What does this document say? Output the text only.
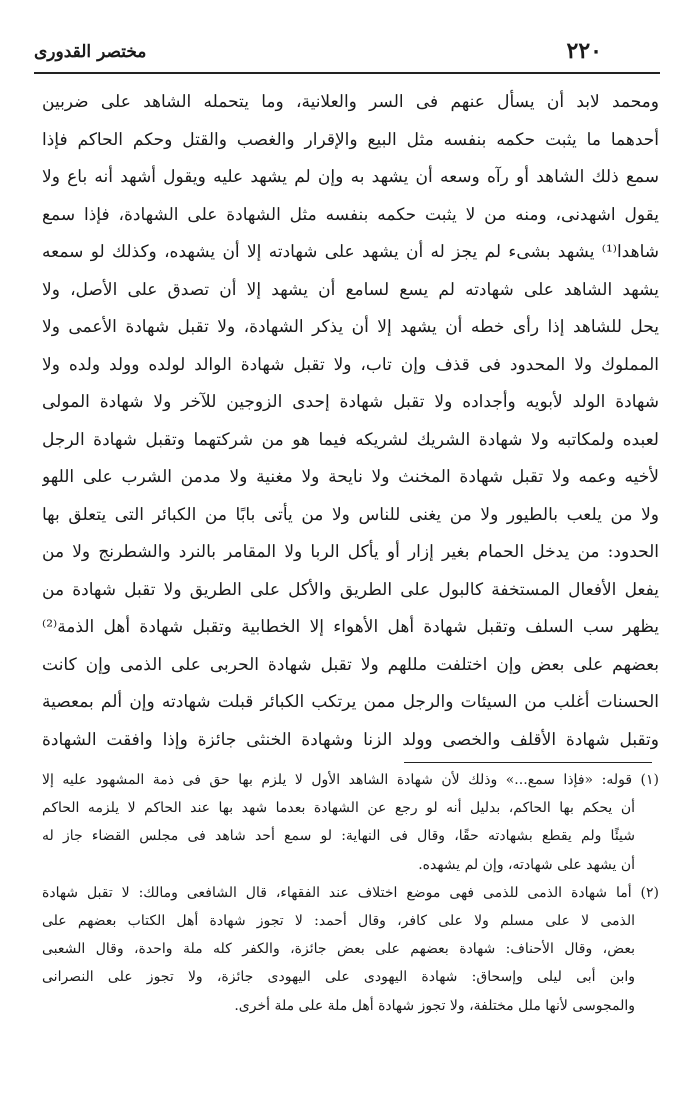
مختصر القدورى	٢٢٠
ومحمد لابد أن يسأل عنهم فى السر والعلانية، وما يتحمله الشاهد على ضربين
أحدهما ما يثبت حكمه بنفسه مثل البيع والإقرار والغصب والقتل وحكم الحاكم فإذا
سمع ذلك الشاهد أو رآه وسعه أن يشهد به وإن لم يشهد عليه ويقول أشهد أنه باع ولا
يقول اشهدنى، ومنه من لا يثبت حكمه بنفسه مثل الشهادة على الشهادة، فإذا سمع
شاهدا⁽¹⁾ يشهد بشىء لم يجز له أن يشهد على شهادته إلا أن يشهده، وكذلك لو سمعه
يشهد الشاهد على شهادته لم يسع لسامع أن يشهد إلا أن تصدق على الأصل، ولا
يحل للشاهد إذا رأى خطه أن يشهد إلا أن يذكر الشهادة، ولا تقبل شهادة الأعمى ولا
المملوك ولا المحدود فى قذف وإن تاب، ولا تقبل شهادة الوالد لولده وولد ولده ولا
شهادة الولد لأبويه وأجداده ولا تقبل شهادة إحدى الزوجين للآخر ولا شهادة المولى
لعبده ولمكاتبه ولا شهادة الشريك لشريكه فيما هو من شركتهما وتقبل شهادة الرجل
لأخيه وعمه ولا تقبل شهادة المخنث ولا نايحة ولا مغنية ولا مدمن الشرب على اللهو
ولا من يلعب بالطيور ولا من يغنى للناس ولا من يأتى بابًا من الكبائر التى يتعلق بها
الحدود: من يدخل الحمام بغير إزار أو يأكل الربا ولا المقامر بالنرد والشطرنج ولا من
يفعل الأفعال المستخفة كالبول على الطريق والأكل على الطريق ولا تقبل شهادة من
يظهر سب السلف وتقبل شهادة أهل الأهواء إلا الخطابية وتقبل شهادة أهل الذمة⁽²⁾
بعضهم على بعض وإن اختلفت مللهم ولا تقبل شهادة الحربى على الذمى وإن كانت
الحسنات أغلب من السيئات والرجل ممن يرتكب الكبائر قبلت شهادته وإن ألم بمعصية
وتقبل شهادة الأقلف والخصى وولد الزنا وشهادة الخنثى جائزة وإذا وافقت الشهادة
(١) قوله: «فإذا سمع...» وذلك لأن شهادة الشاهد الأول لا يلزم بها حق فى ذمة المشهود عليه إلا
أن يحكم بها الحاكم، بدليل أنه لو رجع عن الشهادة بعدما شهد بها عند الحاكم لا يلزمه الحاكم
شيئًا ولم يقطع بشهادته حقًا، وقال فى النهاية: لو سمع أحد شاهد فى مجلس القضاء جاز له
أن يشهد على شهادته، وإن لم يشهده.
(٢) أما شهادة الذمى للذمى فهى موضع اختلاف عند الفقهاء، قال الشافعى ومالك: لا تقبل شهادة
الذمى لا على مسلم ولا على كافر، وقال أحمد: لا تجوز شهادة أهل الكتاب بعضهم على
بعض، وقال الأحناف: شهادة بعضهم على بعض جائزة، والكفر كله ملة واحدة، وقال الشعبى
وابن أبى ليلى وإسحاق: شهادة اليهودى على اليهودى جائزة، ولا تجوز على النصرانى
والمجوسى لأنها ملل مختلفة، ولا تجوز شهادة أهل ملة على ملة أخرى.
